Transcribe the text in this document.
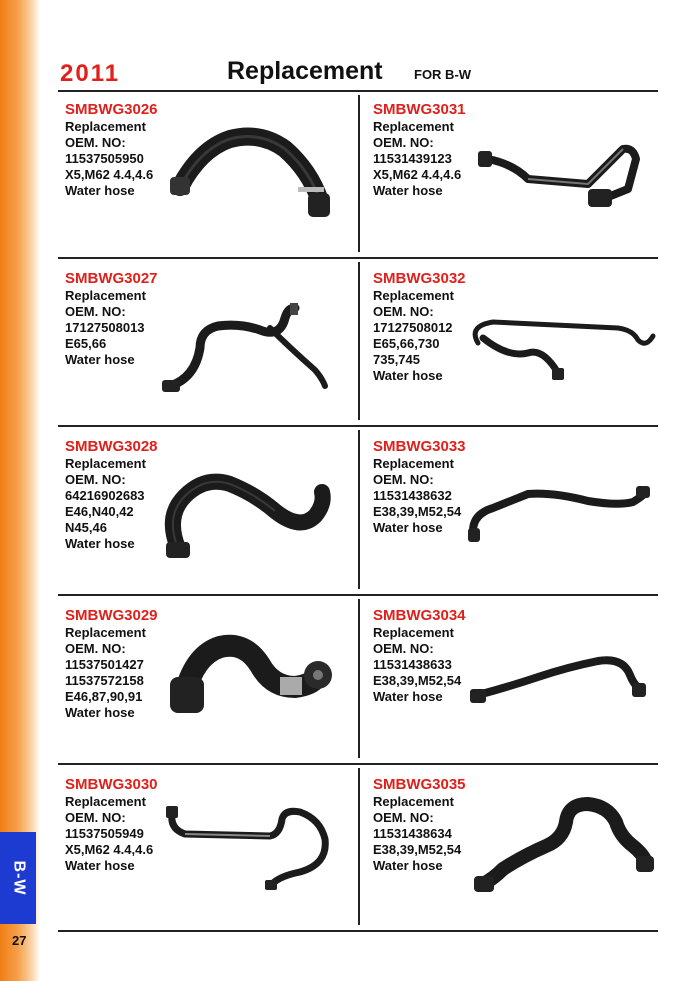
B-W
27
2011	Replacement FOR B-W
SMBWG3026
Replacement
OEM. NO:
11537505950
X5,M62 4.4,4.6
Water hose
SMBWG3031
Replacement
OEM. NO:
11531439123
X5,M62 4.4,4.6
Water hose
SMBWG3027
Replacement
OEM. NO:
17127508013
E65,66
Water hose
SMBWG3032
Replacement
OEM. NO:
17127508012
E65,66,730
735,745
Water hose
SMBWG3028
Replacement
OEM. NO:
64216902683
E46,N40,42
N45,46
Water hose
SMBWG3033
Replacement
OEM. NO:
11531438632
E38,39,M52,54
Water hose
SMBWG3029
Replacement
OEM. NO:
11537501427
11537572158
E46,87,90,91
Water hose
SMBWG3034
Replacement
OEM. NO:
11531438633
E38,39,M52,54
Water hose
SMBWG3030
Replacement
OEM. NO:
11537505949
X5,M62 4.4,4.6
Water hose
SMBWG3035
Replacement
OEM. NO:
11531438634
E38,39,M52,54
Water hose
